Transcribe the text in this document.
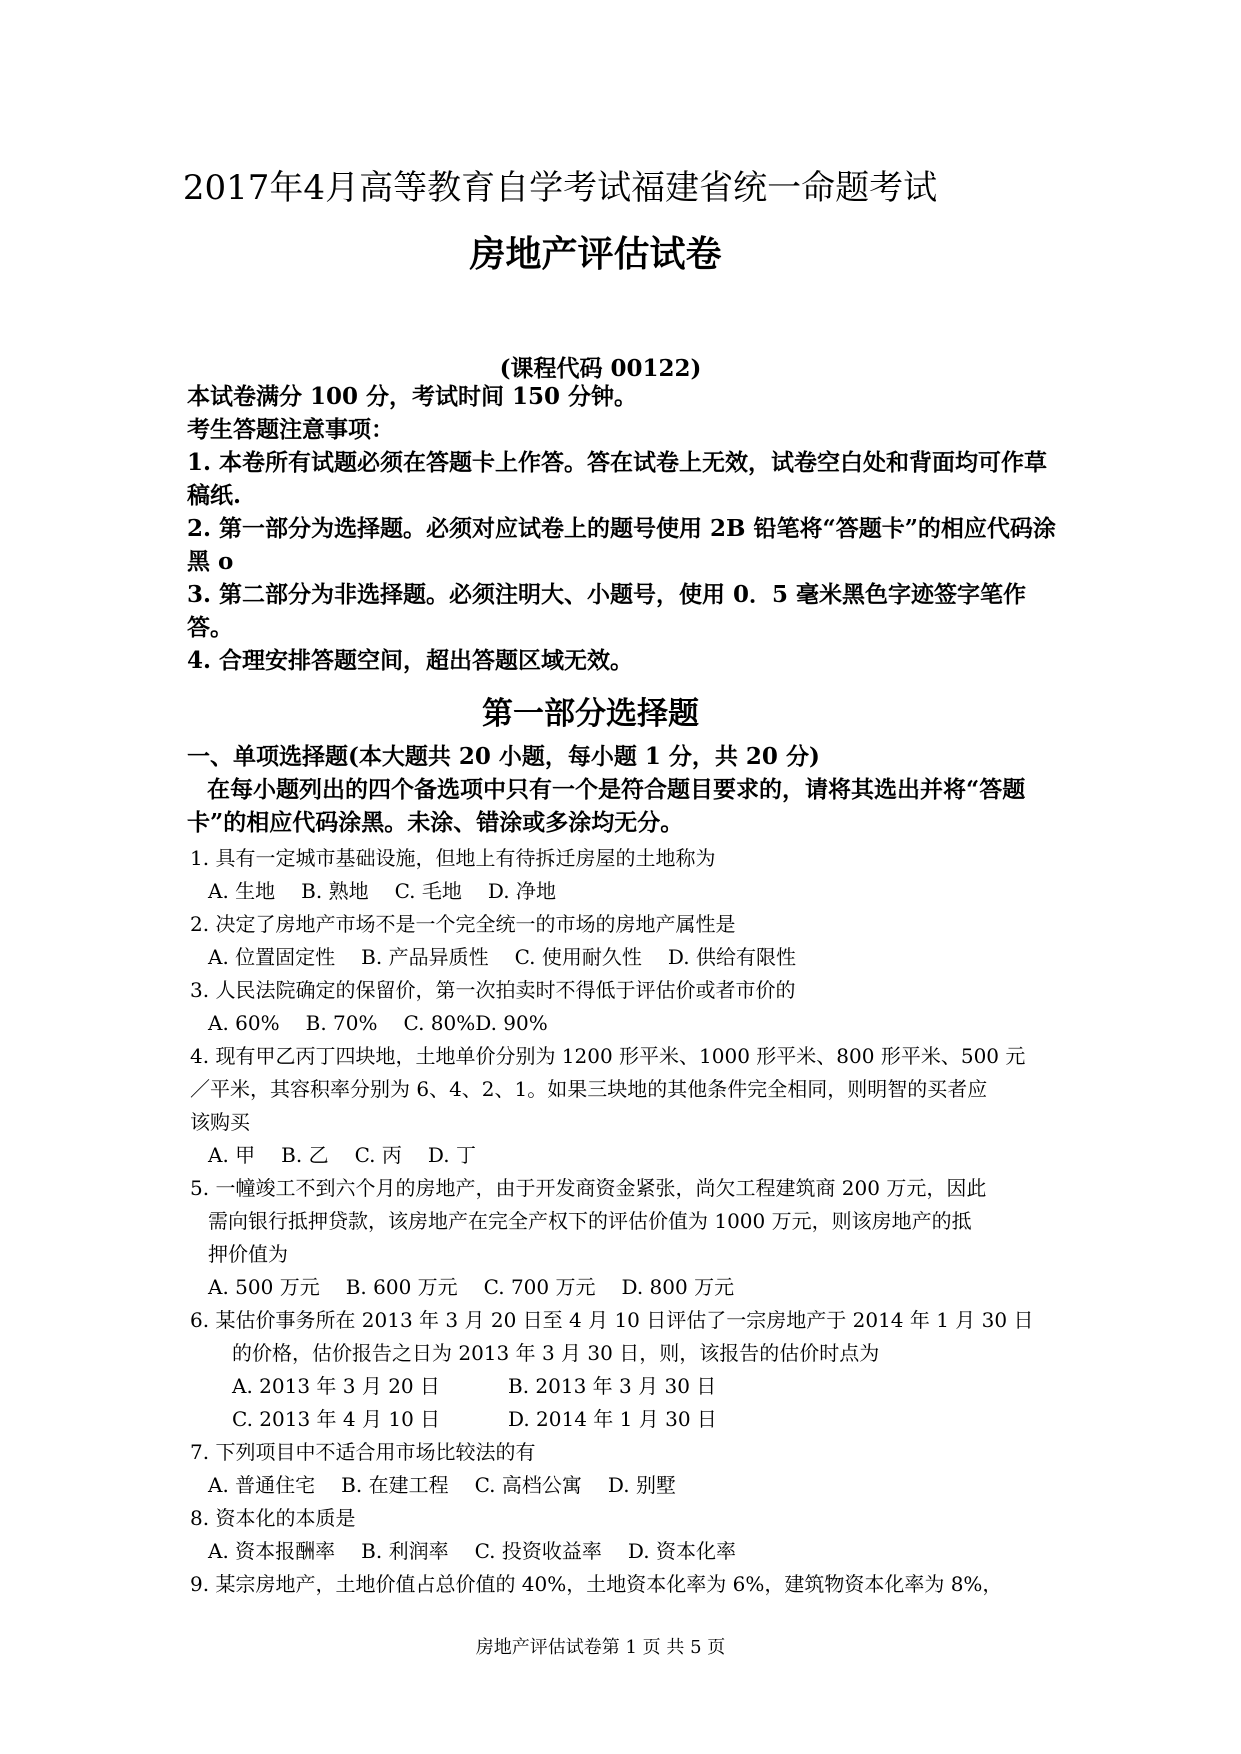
2017年4月高等教育自学考试福建省统一命题考试
房地产评估试卷
(课程代码 00122)
本试卷满分 100 分，考试时间 150 分钟。
考生答题注意事项：
1. 本卷所有试题必须在答题卡上作答。答在试卷上无效，试卷空白处和背面均可作草稿纸.
2. 第一部分为选择题。必须对应试卷上的题号使用 2B 铅笔将“答题卡”的相应代码涂黑 o
3. 第二部分为非选择题。必须注明大、小题号，使用 0．5 毫米黑色字迹签字笔作答。
4. 合理安排答题空间，超出答题区域无效。
第一部分选择题
一、单项选择题(本大题共 20 小题，每小题 1 分，共 20 分)
在每小题列出的四个备选项中只有一个是符合题目要求的，请将其选出并将“答题卡”的相应代码涂黑。未涂、错涂或多涂均无分。
1. 具有一定城市基础设施，但地上有待拆迁房屋的土地称为
A. 生地 B. 熟地 C. 毛地 D. 净地
2. 决定了房地产市场不是一个完全统一的市场的房地产属性是
A. 位置固定性 B. 产品异质性 C. 使用耐久性 D. 供给有限性
3. 人民法院确定的保留价，第一次拍卖时不得低于评估价或者市价的
A. 60% B. 70% C. 80%D. 90%
4. 现有甲乙丙丁四块地，土地单价分别为 1200 形平米、1000 形平米、800 形平米、500 元
／平米，其容积率分别为 6、4、2、1。如果三块地的其他条件完全相同，则明智的买者应
该购买
A. 甲 B. 乙 C. 丙 D. 丁
5. 一幢竣工不到六个月的房地产，由于开发商资金紧张，尚欠工程建筑商 200 万元，因此
需向银行抵押贷款，该房地产在完全产权下的评估价值为 1000 万元，则该房地产的抵
押价值为
A. 500 万元 B. 600 万元 C. 700 万元 D. 800 万元
6. 某估价事务所在 2013 年 3 月 20 日至 4 月 10 日评估了一宗房地产于 2014 年 1 月 30 日
的价格，估价报告之日为 2013 年 3 月 30 日，则，该报告的估价时点为
A. 2013 年 3 月 20 日	B. 2013 年 3 月 30 日
C. 2013 年 4 月 10 日	D. 2014 年 1 月 30 日
7. 下列项目中不适合用市场比较法的有
A. 普通住宅 B. 在建工程 C. 高档公寓 D. 别墅
8. 资本化的本质是
A. 资本报酬率 B. 利润率 C. 投资收益率 D. 资本化率
9. 某宗房地产，土地价值占总价值的 40%，土地资本化率为 6%，建筑物资本化率为 8%，
房地产评估试卷第 1 页 共 5 页
